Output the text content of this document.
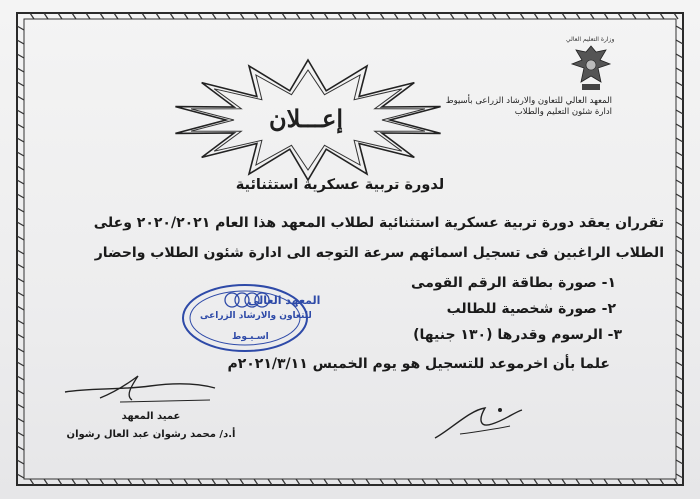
وزارة التعليم العالي
المعهد العالي للتعاون والارشاد الزراعى بأسيوط
ادارة شئون التعليم والطلاب
إعـــلان
لدورة تربية عسكرية استثنائية
تقرران يعقد دورة تربية عسكرية استثنائية لطلاب المعهد هذا العام ٢٠٢٠/٢٠٢١ وعلى
الطلاب الراغبين فى تسجيل اسمائهم سرعة التوجه الى ادارة شئون الطلاب واحضار
١- صورة بطاقة الرقم القومى
٢- صورة شخصية للطالب
٣- الرسوم وقدرها (١٣٠ جنيها)
علما بأن اخرموعد للتسجيل هو يوم الخميس ٢٠٢١/٣/١١م
المعهد العالى
للتعاون والارشاد الزراعى
اسـيـوط
عميد المعهد
أ.د/ محمد رشوان عبد العال رشوان
